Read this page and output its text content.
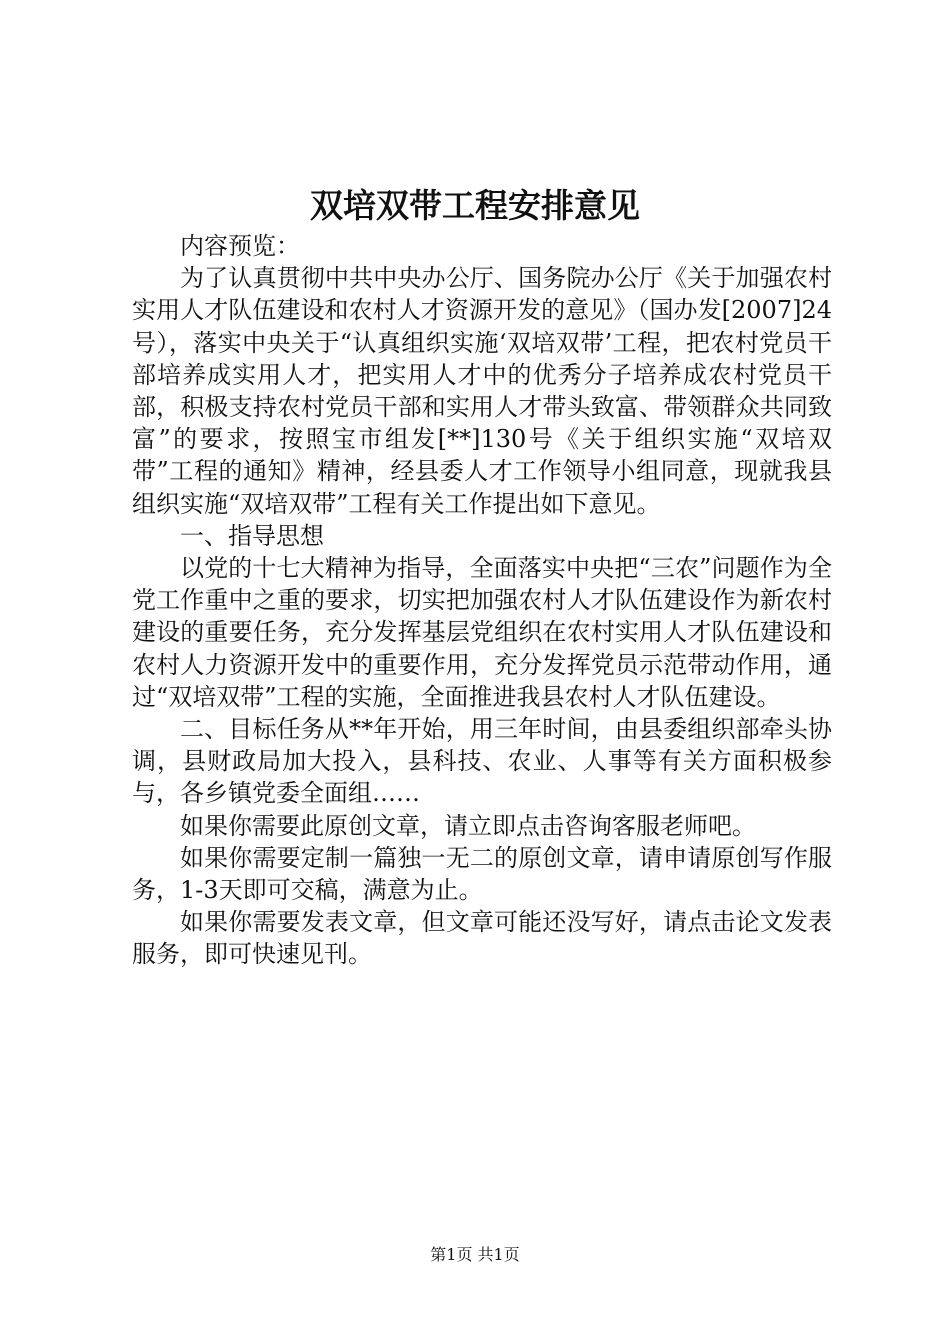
双培双带工程安排意见

内容预览：

为了认真贯彻中共中央办公厅、国务院办公厅《关于加强农村实用人才队伍建设和农村人才资源开发的意见》（国办发[2007]24号），落实中央关于“认真组织实施‘双培双带’工程，把农村党员干部培养成实用人才，把实用人才中的优秀分子培养成农村党员干部，积极支持农村党员干部和实用人才带头致富、带领群众共同致富”的要求，按照宝市组发[**]130号《关于组织实施“双培双带”工程的通知》精神，经县委人才工作领导小组同意，现就我县组织实施“双培双带”工程有关工作提出如下意见。

一、指导思想

以党的十七大精神为指导，全面落实中央把“三农”问题作为全党工作重中之重的要求，切实把加强农村人才队伍建设作为新农村建设的重要任务，充分发挥基层党组织在农村实用人才队伍建设和农村人力资源开发中的重要作用，充分发挥党员示范带动作用，通过“双培双带”工程的实施，全面推进我县农村人才队伍建设。

二、目标任务从**年开始，用三年时间，由县委组织部牵头协调，县财政局加大投入，县科技、农业、人事等有关方面积极参与，各乡镇党委全面组……

如果你需要此原创文章，请立即点击咨询客服老师吧。

如果你需要定制一篇独一无二的原创文章，请申请原创写作服务，1-3天即可交稿，满意为止。

如果你需要发表文章，但文章可能还没写好，请点击论文发表服务，即可快速见刊。

第1页 共1页
